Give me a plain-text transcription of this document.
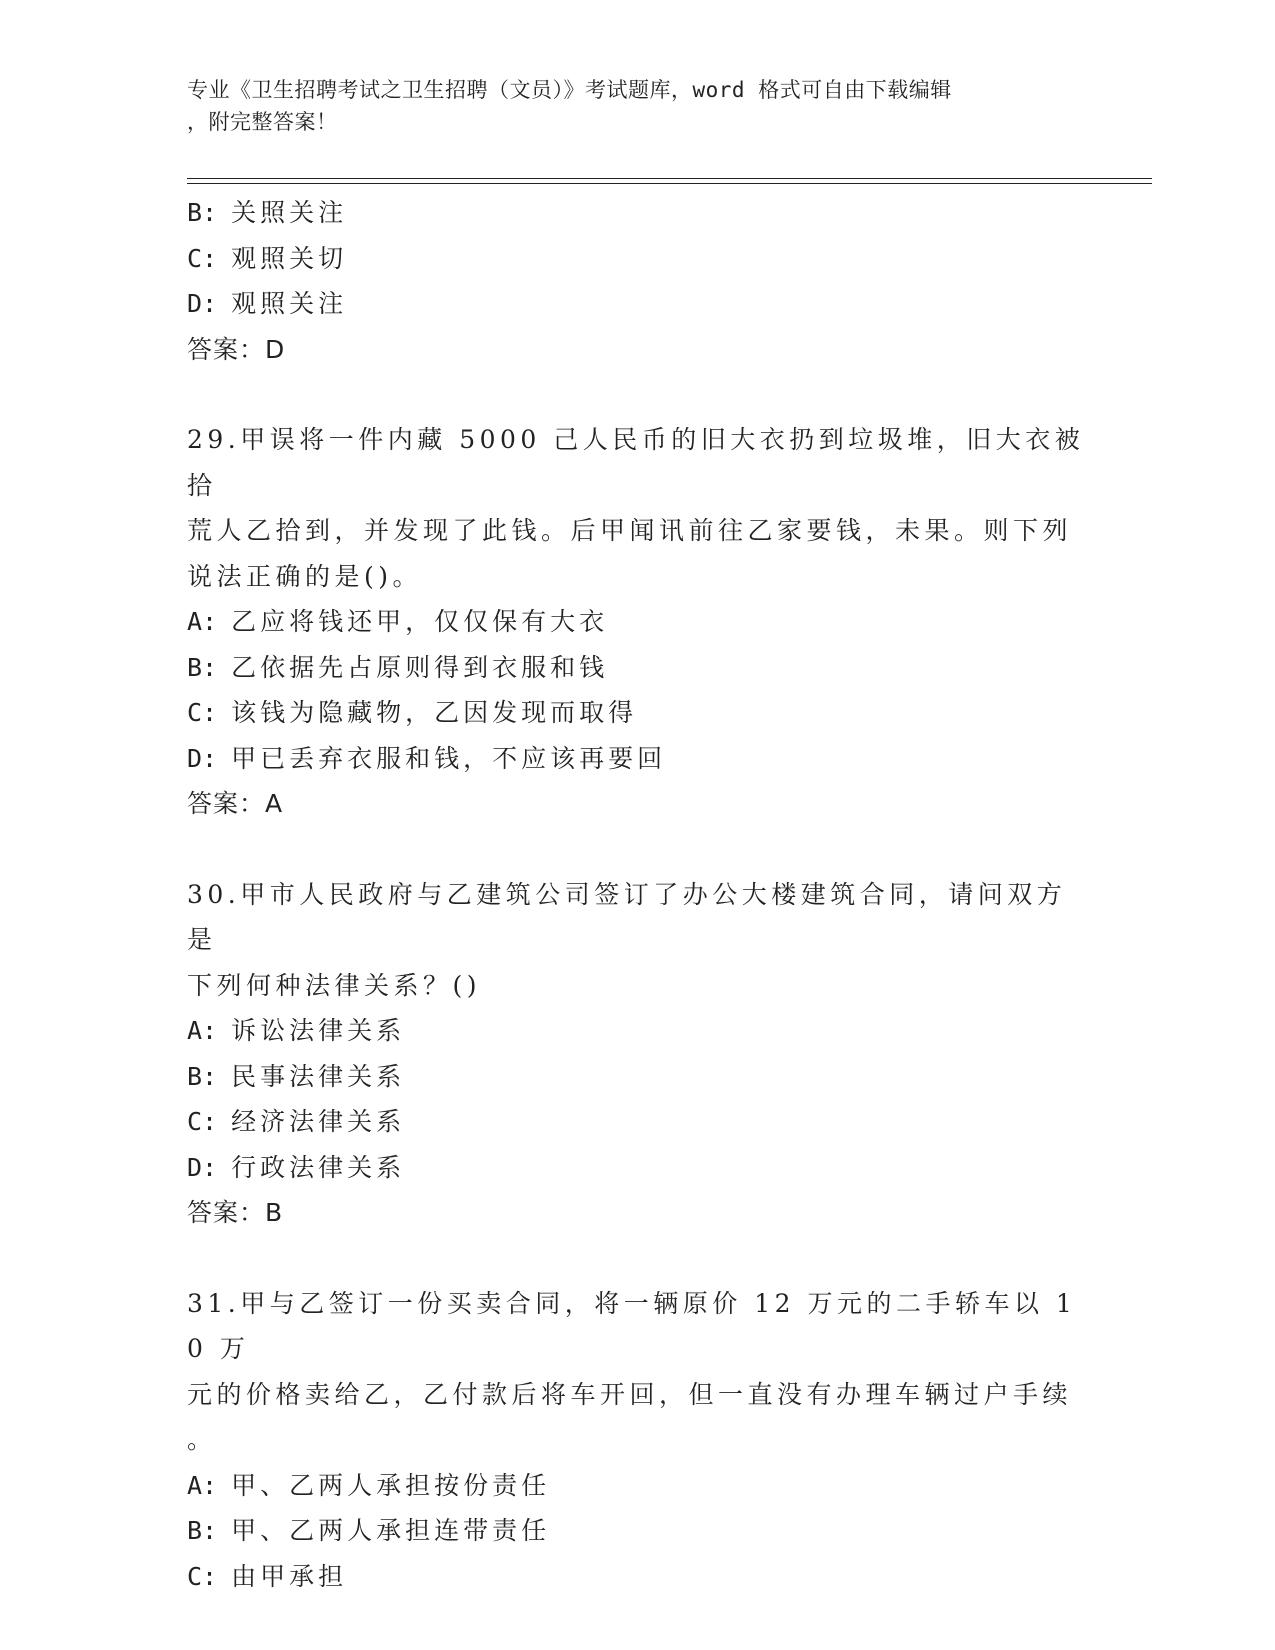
专业《卫生招聘考试之卫生招聘（文员）》考试题库，word 格式可自由下载编辑
，附完整答案！
B: 关照关注
C: 观照关切
D: 观照关注
答案：D
29.甲误将一件内藏 5000 己人民币的旧大衣扔到垃圾堆，旧大衣被拾
荒人乙拾到，并发现了此钱。后甲闻讯前往乙家要钱，未果。则下列
说法正确的是()。
A: 乙应将钱还甲，仅仅保有大衣
B: 乙依据先占原则得到衣服和钱
C: 该钱为隐藏物，乙因发现而取得
D: 甲已丢弃衣服和钱，不应该再要回
答案：A
30.甲市人民政府与乙建筑公司签订了办公大楼建筑合同，请问双方是
下列何种法律关系？()
A: 诉讼法律关系
B: 民事法律关系
C: 经济法律关系
D: 行政法律关系
答案：B
31.甲与乙签订一份买卖合同，将一辆原价 12 万元的二手轿车以 10 万
元的价格卖给乙，乙付款后将车开回，但一直没有办理车辆过户手续
。
A: 甲、乙两人承担按份责任
B: 甲、乙两人承担连带责任
C: 由甲承担
